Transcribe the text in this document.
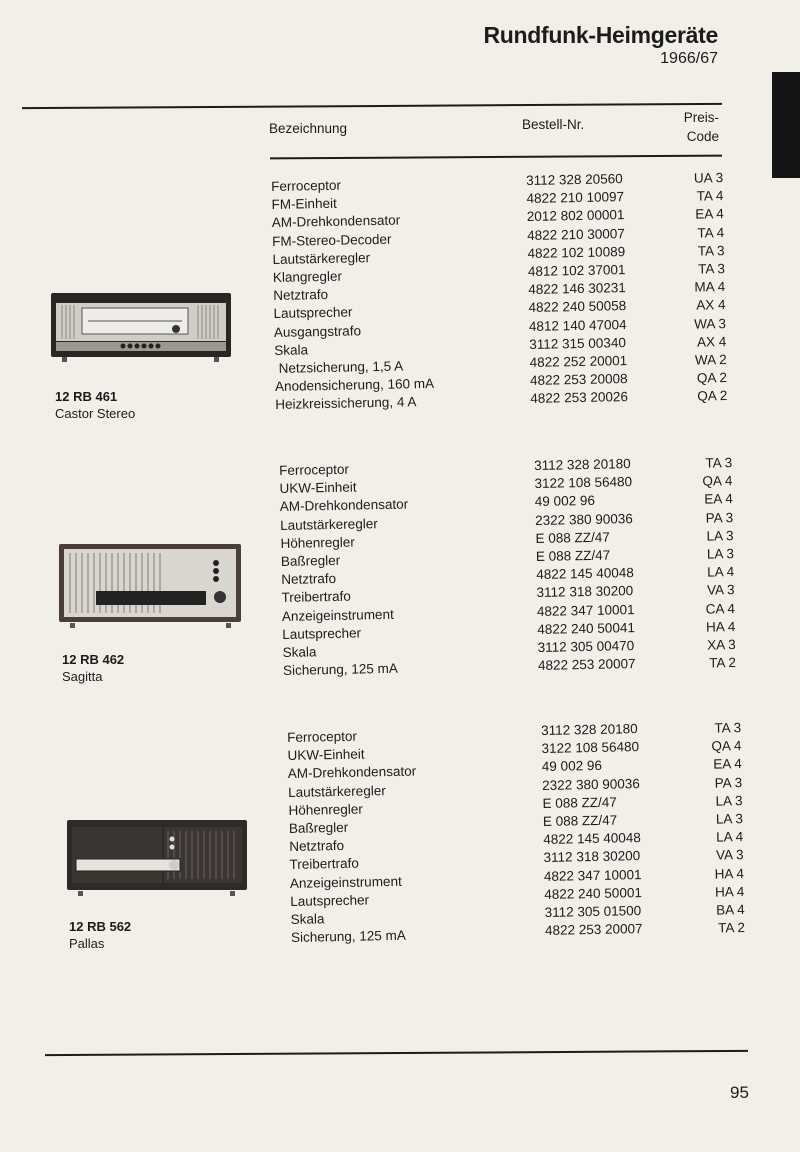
Rundfunk-Heimgeräte
1966/67
Bezeichnung	Bestell-Nr.	Preis-
Code
12 RB 461
Castor Stereo
Ferroceptor
FM-Einheit
AM-Drehkondensator
FM-Stereo-Decoder
Lautstärkeregler
Klangregler
Netztrafo
Lautsprecher
Ausgangstrafo
Skala
Netzsicherung, 1,5 A
Anodensicherung, 160 mA
Heizkreissicherung, 4 A
3112 328 20560
4822 210 10097
2012 802 00001
4822 210 30007
4822 102 10089
4812 102 37001
4822 146 30231
4822 240 50058
4812 140 47004
3112 315 00340
4822 252 20001
4822 253 20008
4822 253 20026
UA 3
TA 4
EA 4
TA 4
TA 3
TA 3
MA 4
AX 4
WA 3
AX 4
WA 2
QA 2
QA 2
12 RB 462
Sagitta
Ferroceptor
UKW-Einheit
AM-Drehkondensator
Lautstärkeregler
Höhenregler
Baßregler
Netztrafo
Treibertrafo
Anzeigeinstrument
Lautsprecher
Skala
Sicherung, 125 mA
3112 328 20180
3122 108 56480
49 002 96
2322 380 90036
E 088 ZZ/47
E 088 ZZ/47
4822 145 40048
3112 318 30200
4822 347 10001
4822 240 50041
3112 305 00470
4822 253 20007
TA 3
QA 4
EA 4
PA 3
LA 3
LA 3
LA 4
VA 3
CA 4
HA 4
XA 3
TA 2
12 RB 562
Pallas
Ferroceptor
UKW-Einheit
AM-Drehkondensator
Lautstärkeregler
Höhenregler
Baßregler
Netztrafo
Treibertrafo
Anzeigeinstrument
Lautsprecher
Skala
Sicherung, 125 mA
3112 328 20180
3122 108 56480
49 002 96
2322 380 90036
E 088 ZZ/47
E 088 ZZ/47
4822 145 40048
3112 318 30200
4822 347 10001
4822 240 50001
3112 305 01500
4822 253 20007
TA 3
QA 4
EA 4
PA 3
LA 3
LA 3
LA 4
VA 3
HA 4
HA 4
BA 4
TA 2
95
